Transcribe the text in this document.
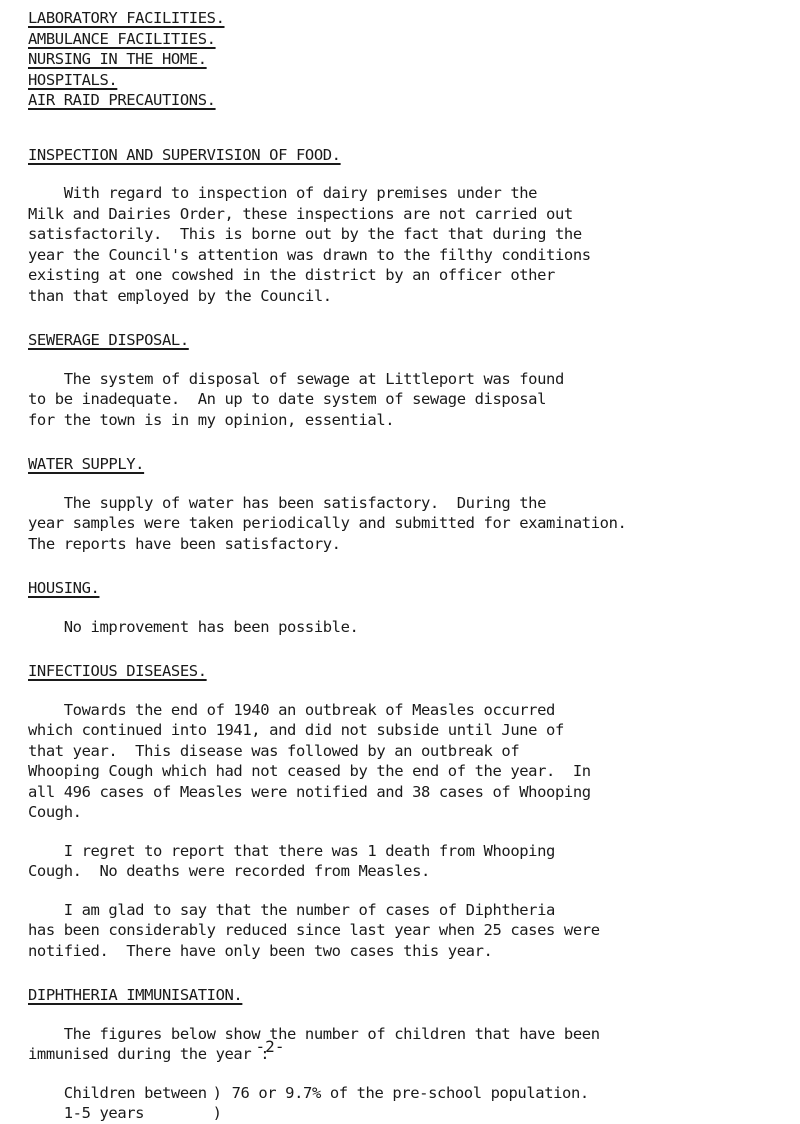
LABORATORY FACILITIES.
AMBULANCE FACILITIES.
NURSING IN THE HOME.
HOSPITALS.
AIR RAID PRECAUTIONS.
INSPECTION AND SUPERVISION OF FOOD.
With regard to inspection of dairy premises under the
Milk and Dairies Order, these inspections are not carried out
satisfactorily.  This is borne out by the fact that during the
year the Council's attention was drawn to the filthy conditions
existing at one cowshed in the district by an officer other
than that employed by the Council.
SEWERAGE DISPOSAL.
The system of disposal of sewage at Littleport was found
to be inadequate.  An up to date system of sewage disposal
for the town is in my opinion, essential.
WATER SUPPLY.
The supply of water has been satisfactory.  During the
year samples were taken periodically and submitted for examination.
The reports have been satisfactory.
HOUSING.
No improvement has been possible.
INFECTIOUS DISEASES.
Towards the end of 1940 an outbreak of Measles occurred
which continued into 1941, and did not subside until June of
that year.  This disease was followed by an outbreak of
Whooping Cough which had not ceased by the end of the year.  In
all 496 cases of Measles were notified and 38 cases of Whooping
Cough.
I regret to report that there was 1 death from Whooping
Cough.  No deaths were recorded from Measles.
I am glad to say that the number of cases of Diphtheria
has been considerably reduced since last year when 25 cases were
notified.  There have only been two cases this year.
DIPHTHERIA IMMUNISATION.
The figures below show the number of children that have been
immunised during the year :
Children between
1-5 years
)
)
76 or 9.7% of the pre-school population.
-2-
